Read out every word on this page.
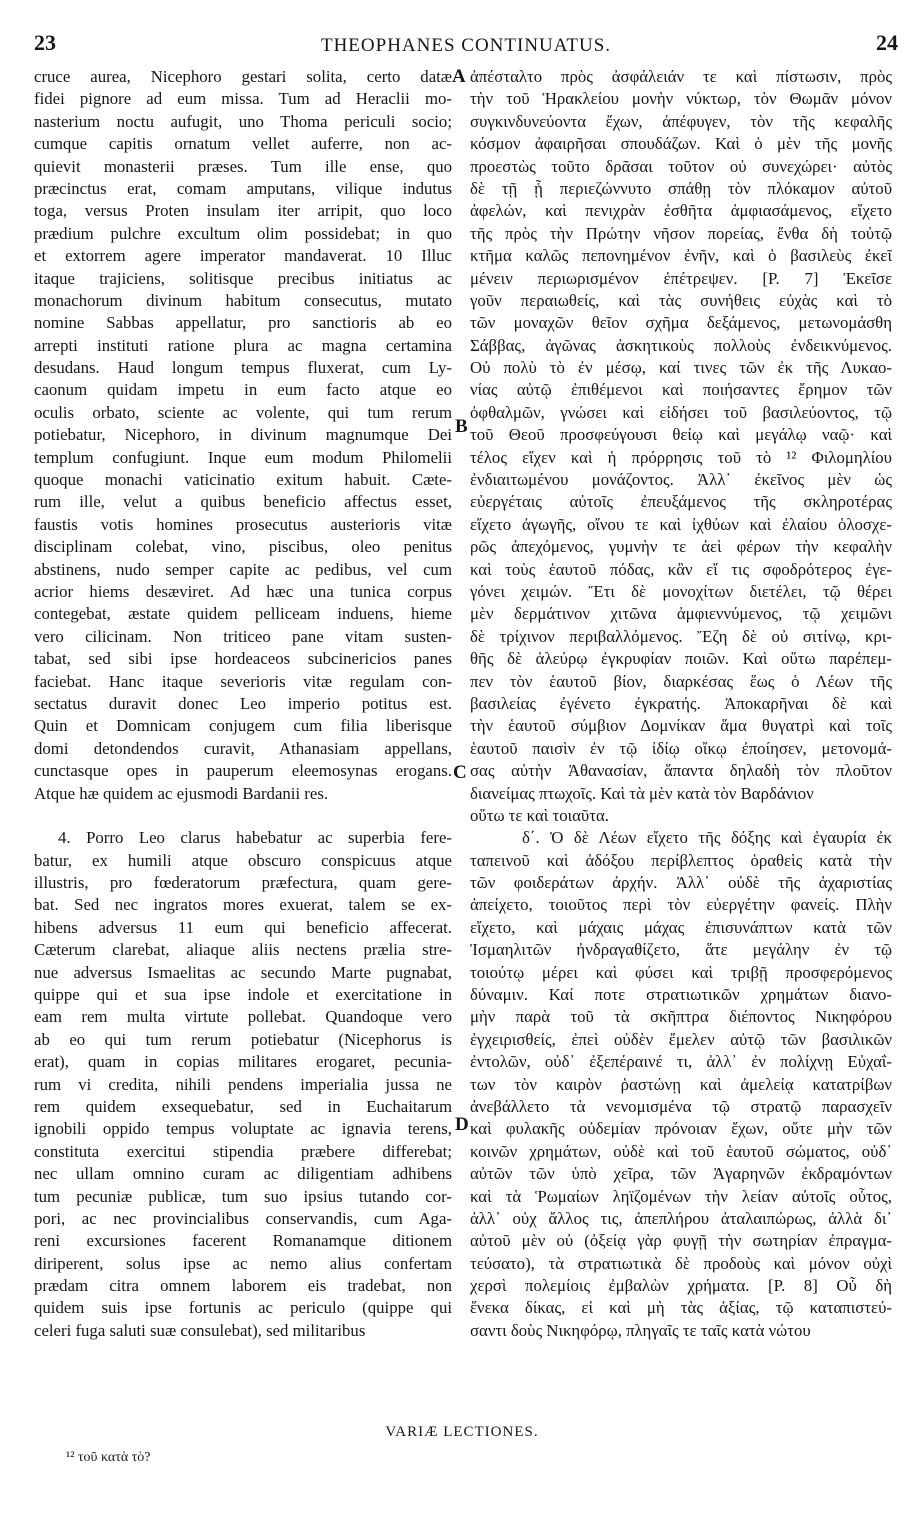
23	THEOPHANES CONTINUATUS.	24
cruce aurea, Nicephoro gestari solita, certo datæ
fidei pignore ad eum missa. Tum ad Heraclii mo-
nasterium noctu aufugit, uno Thoma periculi socio;
cumque capitis ornatum vellet auferre, non ac-
quievit monasterii præses. Tum ille ense, quo
præcinctus erat, comam amputans, vilique indutus
toga, versus Proten insulam iter arripit, quo loco
prædium pulchre excultum olim possidebat; in quo
et extorrem agere imperator mandaverat. 10 Illuc
itaque trajiciens, solitisque precibus initiatus ac
monachorum divinum habitum consecutus, mutato
nomine Sabbas appellatur, pro sanctioris ab eo
arrepti instituti ratione plura ac magna certamina
desudans. Haud longum tempus fluxerat, cum Ly-
caonum quidam impetu in eum facto atque eo
oculis orbato, sciente ac volente, qui tum rerum
potiebatur, Nicephoro, in divinum magnumque Dei
templum confugiunt. Inque eum modum Philomelii
quoque monachi vaticinatio exitum habuit. Cæte-
rum ille, velut a quibus beneficio affectus esset,
faustis votis homines prosecutus austerioris vitæ
disciplinam colebat, vino, piscibus, oleo penitus
abstinens, nudo semper capite ac pedibus, vel cum
acrior hiems desæviret. Ad hæc una tunica corpus
contegebat, æstate quidem pelliceam induens, hieme
vero cilicinam. Non triticeo pane vitam susten-
tabat, sed sibi ipse hordeaceos subcinericios panes
faciebat. Hanc itaque severioris vitæ regulam con-
sectatus duravit donec Leo imperio potitus est.
Quin et Domnicam conjugem cum filia liberisque
domi detondendos curavit, Athanasiam appellans,
cunctasque opes in pauperum eleemosynas erogans.
Atque hæ quidem ac ejusmodi Bardanii res.
4. Porro Leo clarus habebatur ac superbia fere-
batur, ex humili atque obscuro conspicuus atque
illustris, pro fœderatorum præfectura, quam gere-
bat. Sed nec ingratos mores exuerat, talem se ex-
hibens adversus 11 eum qui beneficio affecerat.
Cæterum clarebat, aliaque aliis nectens prælia stre-
nue adversus Ismaelitas ac secundo Marte pugnabat,
quippe qui et sua ipse indole et exercitatione in
eam rem multa virtute pollebat. Quandoque vero
ab eo qui tum rerum potiebatur (Nicephorus is
erat), quam in copias militares erogaret, pecunia-
rum vi credita, nihili pendens imperialia jussa ne
rem quidem exsequebatur, sed in Euchaitarum
ignobili oppido tempus voluptate ac ignavia terens,
constituta exercitui stipendia præbere differebat;
nec ullam omnino curam ac diligentiam adhibens
tum pecuniæ publicæ, tum suo ipsius tutando cor-
pori, ac nec provincialibus conservandis, cum Aga-
reni excursiones facerent Romanamque ditionem
diriperent, solus ipse ac nemo alius confertam
prædam citra omnem laborem eis tradebat, non
quidem suis ipse fortunis ac periculo (quippe qui
celeri fuga saluti suæ consulebat), sed militaribus
ἀπέσταλτο πρὸς ἀσφάλειάν τε καὶ πίστωσιν, πρὸς
τὴν τοῦ Ἡρακλείου μονὴν νύκτωρ, τὸν Θωμᾶν μόνον
συγκινδυνεύοντα ἔχων, ἀπέφυγεν, τὸν τῆς κεφαλῆς
κόσμον ἀφαιρῆσαι σπουδάζων. Καὶ ὁ μὲν τῆς μονῆς
προεστὼς τοῦτο δρᾶσαι τοῦτον οὐ συνεχώρει· αὐτὸς
δὲ τῇ ᾗ περιεζώννυτο σπάθῃ τὸν πλόκαμον αὐτοῦ
ἀφελών, καὶ πενιχρὰν ἐσθῆτα ἀμφιασάμενος, εἴχετο
τῆς πρὸς τὴν Πρώτην νῆσον πορείας, ἔνθα δὴ τοὐτῷ
κτῆμα καλῶς πεπονημένον ἐνῆν, καὶ ὁ βασιλεὺς ἐκεῖ
μένειν περιωρισμένον ἐπέτρεψεν. [P. 7] Ἐκεῖσε
γοῦν περαιωθείς, καὶ τὰς συνήθεις εὐχὰς καὶ τὸ
τῶν μοναχῶν θεῖον σχῆμα δεξάμενος, μετωνομάσθη
Σάββας, ἀγῶνας ἀσκητικοὺς πολλοὺς ἐνδεικνύμενος.
Οὐ πολὺ τὸ ἐν μέσῳ, καί τινες τῶν ἐκ τῆς Λυκαο-
νίας αὐτῷ ἐπιθέμενοι καὶ ποιήσαντες ἔρημον τῶν
ὀφθαλμῶν, γνώσει καὶ εἰδήσει τοῦ βασιλεύοντος, τῷ
τοῦ Θεοῦ προσφεύγουσι θείῳ καὶ μεγάλῳ ναῷ· καὶ
τέλος εἴχεν καὶ ἡ πρόρρησις τοῦ τὸ ¹² Φιλομηλίου
ἐνδιαιτωμένου μονάζοντος. Ἀλλ᾽ ἐκεῖνος μὲν ὡς
εὐεργέταις αὐτοῖς ἐπευξάμενος τῆς σκληροτέρας
εἴχετο ἀγωγῆς, οἴνου τε καὶ ἰχθύων καὶ ἐλαίου ὁλοσχε-
ρῶς ἀπεχόμενος, γυμνὴν τε ἀεὶ φέρων τὴν κεφαλὴν
καὶ τοὺς ἑαυτοῦ πόδας, κἂν εἴ τις σφοδρότερος ἐγε-
γόνει χειμών. Ἔτι δὲ μονοχίτων διετέλει, τῷ θέρει
μὲν δερμάτινον χιτῶνα ἀμφιεννύμενος, τῷ χειμῶνι
δὲ τρίχινον περιβαλλόμενος. Ἔζη δὲ οὐ σιτίνῳ, κρι-
θῆς δὲ ἀλεύρῳ ἐγκρυφίαν ποιῶν. Καὶ οὕτω παρέπεμ-
πεν τὸν ἑαυτοῦ βίον, διαρκέσας ἕως ὁ Λέων τῆς
βασιλείας ἐγένετο ἐγκρατής. Ἀποκαρῆναι δὲ καὶ
τὴν ἑαυτοῦ σύμβιον Δομνίκαν ἅμα θυγατρὶ καὶ τοῖς
ἑαυτοῦ παισὶν ἐν τῷ ἰδίῳ οἴκῳ ἐποίησεν, μετονομά-
σας αὐτὴν Ἀθανασίαν, ἅπαντα δηλαδὴ τὸν πλοῦτον
διανείμας πτωχοῖς. Καὶ τὰ μὲν κατὰ τὸν Βαρδάνιον
οὕτω τε καὶ τοιαῦτα.
δ΄. Ὁ δὲ Λέων εἴχετο τῆς δόξης καὶ ἐγαυρία ἐκ
ταπεινοῦ καὶ ἀδόξου περίβλεπτος ὁραθεὶς κατὰ τὴν
τῶν φοιδεράτων ἀρχήν. Ἀλλ᾽ οὐδὲ τῆς ἀχαριστίας
ἀπείχετο, τοιοῦτος περὶ τὸν εὐεργέτην φανείς. Πλὴν
εἴχετο, καὶ μάχαις μάχας ἐπισυνάπτων κατὰ τῶν
Ἰσμαηλιτῶν ἠνδραγαθίζετο, ἅτε μεγάλην ἐν τῷ
τοιούτῳ μέρει καὶ φύσει καὶ τριβῇ προσφερόμενος
δύναμιν. Καί ποτε στρατιωτικῶν χρημάτων διανο-
μὴν παρὰ τοῦ τὰ σκῆπτρα διέποντος Νικηφόρου
ἐγχειρισθείς, ἐπεὶ οὐδὲν ἔμελεν αὐτῷ τῶν βασιλικῶν
ἐντολῶν, οὐδ᾽ ἐξεπέραινέ τι, ἀλλ᾽ ἐν πολίχνῃ Εὐχαΐ-
των τὸν καιρὸν ῥαστώνῃ καὶ ἀμελείᾳ κατατρίβων
ἀνεβάλλετο τὰ νενομισμένα τῷ στρατῷ παρασχεῖν
καὶ φυλακῆς οὐδεμίαν πρόνοιαν ἔχων, οὔτε μὴν τῶν
κοινῶν χρημάτων, οὐδὲ καὶ τοῦ ἑαυτοῦ σώματος, οὐδ᾽
αὐτῶν τῶν ὑπὸ χεῖρα, τῶν Ἀγαρηνῶν ἐκδραμόντων
καὶ τὰ Ῥωμαίων ληϊζομένων τὴν λείαν αὐτοῖς οὗτος,
ἀλλ᾽ οὐχ ἄλλος τις, ἀπεπλήρου ἀταλαιπώρως, ἀλλὰ δι᾽
αὐτοῦ μὲν οὐ (ὀξείᾳ γὰρ φυγῇ τὴν σωτηρίαν ἐπραγμα-
τεύσατο), τὰ στρατιωτικὰ δὲ προδοὺς καὶ μόνον οὐχὶ
χερσὶ πολεμίοις ἐμβαλὼν χρήματα. [P. 8] Οὗ δὴ
ἕνεκα δίκας, εἰ καὶ μὴ τὰς ἀξίας, τῷ καταπιστεύ-
σαντι δοὺς Νικηφόρῳ, πληγαῖς τε ταῖς κατὰ νώτου
A
B
C
D
VARIÆ LECTIONES.
¹² τοῦ κατὰ τὸ?
